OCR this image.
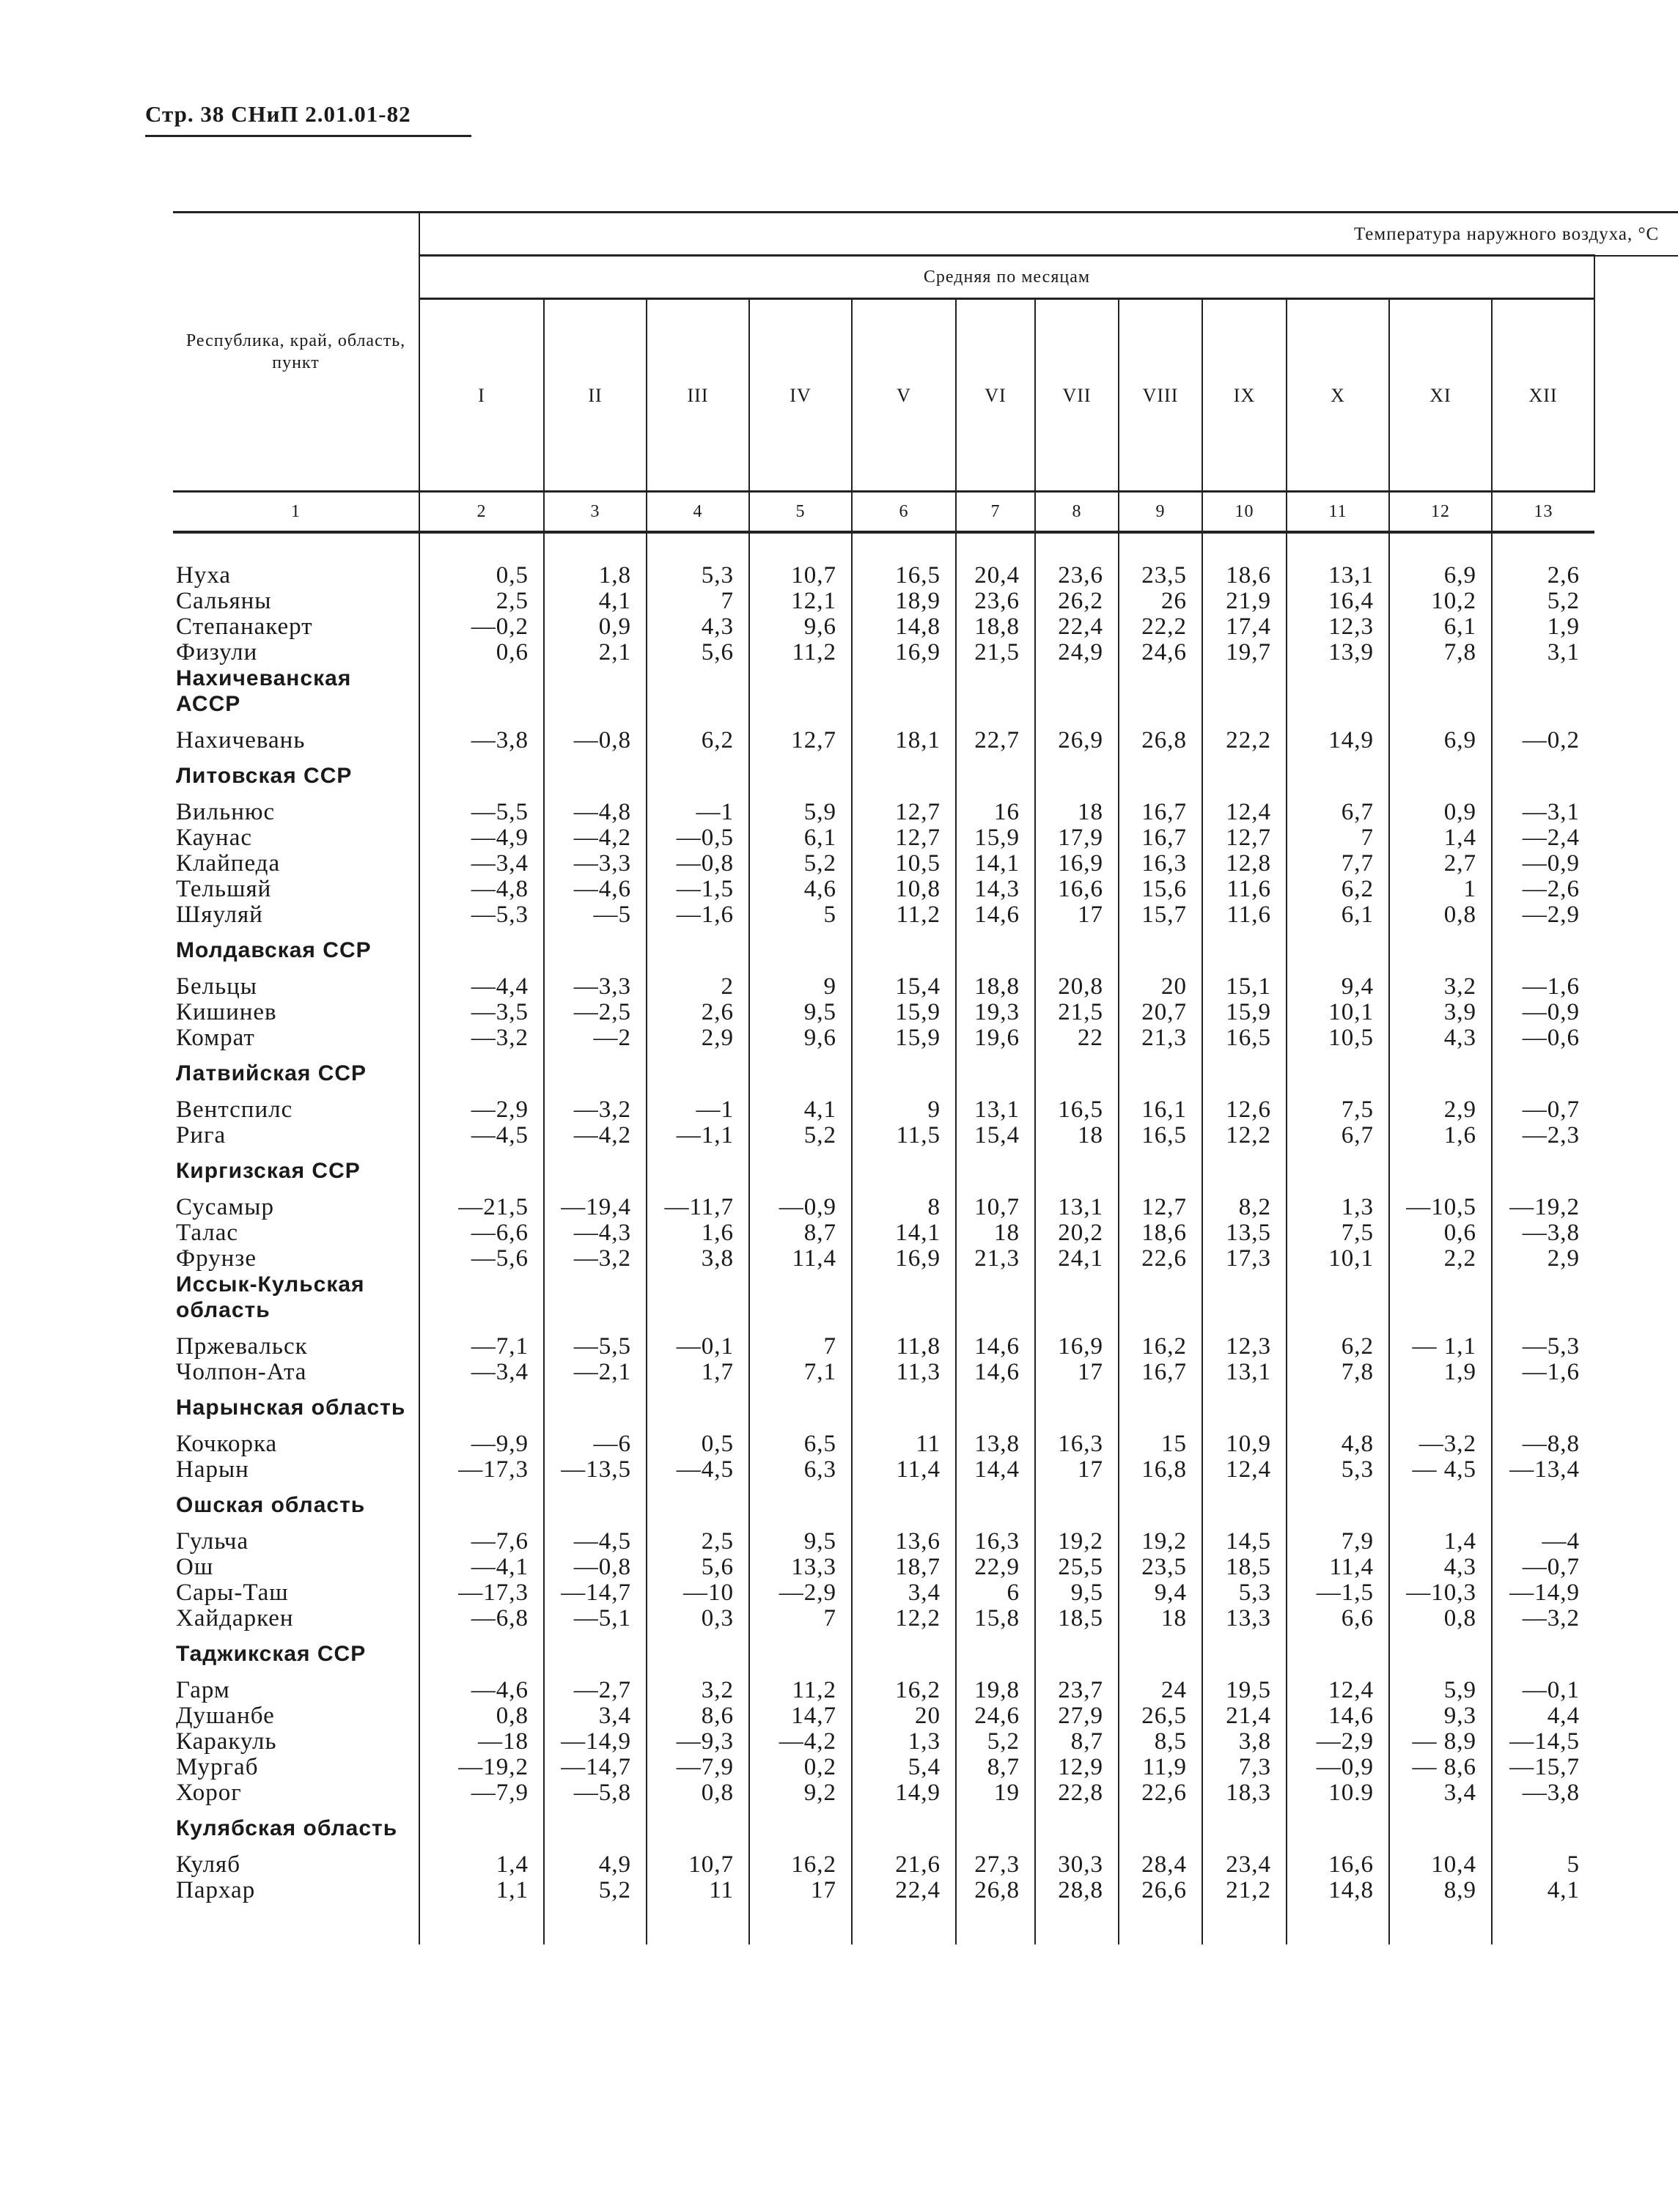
Стр. 38 СНиП 2.01.01-82
Республика, край, область, пункт	Температура наружного воздуха, °С												
	Средняя по месяцам												
	I	II	III	IV	V	VI	VII	VIII	IX	X	XI	XII	
1	2	3	4	5	6	7	8	9	10	11	12	13	

Нуха	0,5	1,8	5,3	10,7	16,5	20,4	23,6	23,5	18,6	13,1	6,9	2,6	
Сальяны	2,5	4,1	7	12,1	18,9	23,6	26,2	26	21,9	16,4	10,2	5,2	
Степанакерт	—0,2	0,9	4,3	9,6	14,8	18,8	22,4	22,2	17,4	12,3	6,1	1,9	
Физули	0,6	2,1	5,6	11,2	16,9	21,5	24,9	24,6	19,7	13,9	7,8	3,1	
Нахичеванская АССР													
Нахичевань	—3,8	—0,8	6,2	12,7	18,1	22,7	26,9	26,8	22,2	14,9	6,9	—0,2	
Литовская ССР													
Вильнюс	—5,5	—4,8	—1	5,9	12,7	16	18	16,7	12,4	6,7	0,9	—3,1	
Каунас	—4,9	—4,2	—0,5	6,1	12,7	15,9	17,9	16,7	12,7	7	1,4	—2,4	
Клайпеда	—3,4	—3,3	—0,8	5,2	10,5	14,1	16,9	16,3	12,8	7,7	2,7	—0,9	
Тельшяй	—4,8	—4,6	—1,5	4,6	10,8	14,3	16,6	15,6	11,6	6,2	1	—2,6	
Шяуляй	—5,3	—5	—1,6	5	11,2	14,6	17	15,7	11,6	6,1	0,8	—2,9	
Молдавская ССР													
Бельцы	—4,4	—3,3	2	9	15,4	18,8	20,8	20	15,1	9,4	3,2	—1,6	
Кишинев	—3,5	—2,5	2,6	9,5	15,9	19,3	21,5	20,7	15,9	10,1	3,9	—0,9	
Комрат	—3,2	—2	2,9	9,6	15,9	19,6	22	21,3	16,5	10,5	4,3	—0,6	
Латвийская ССР													
Вентспилс	—2,9	—3,2	—1	4,1	9	13,1	16,5	16,1	12,6	7,5	2,9	—0,7	
Рига	—4,5	—4,2	—1,1	5,2	11,5	15,4	18	16,5	12,2	6,7	1,6	—2,3	
Киргизская ССР													
Сусамыр	—21,5	—19,4	—11,7	—0,9	8	10,7	13,1	12,7	8,2	1,3	—10,5	—19,2	
Талас	—6,6	—4,3	1,6	8,7	14,1	18	20,2	18,6	13,5	7,5	0,6	—3,8	
Фрунзе	—5,6	—3,2	3,8	11,4	16,9	21,3	24,1	22,6	17,3	10,1	2,2	2,9	
Иссык-Кульская область													
Пржевальск	—7,1	—5,5	—0,1	7	11,8	14,6	16,9	16,2	12,3	6,2	— 1,1	—5,3	
Чолпон-Ата	—3,4	—2,1	1,7	7,1	11,3	14,6	17	16,7	13,1	7,8	1,9	—1,6	
Нарынская область													
Кочкорка	—9,9	—6	0,5	6,5	11	13,8	16,3	15	10,9	4,8	—3,2	—8,8	
Нарын	—17,3	—13,5	—4,5	6,3	11,4	14,4	17	16,8	12,4	5,3	— 4,5	—13,4	
Ошская область													
Гульча	—7,6	—4,5	2,5	9,5	13,6	16,3	19,2	19,2	14,5	7,9	1,4	—4	
Ош	—4,1	—0,8	5,6	13,3	18,7	22,9	25,5	23,5	18,5	11,4	4,3	—0,7	
Сары-Таш	—17,3	—14,7	—10	—2,9	3,4	6	9,5	9,4	5,3	—1,5	—10,3	—14,9	
Хайдаркен	—6,8	—5,1	0,3	7	12,2	15,8	18,5	18	13,3	6,6	0,8	—3,2	
Таджикская ССР													
Гарм	—4,6	—2,7	3,2	11,2	16,2	19,8	23,7	24	19,5	12,4	5,9	—0,1	
Душанбе	0,8	3,4	8,6	14,7	20	24,6	27,9	26,5	21,4	14,6	9,3	4,4	
Каракуль	—18	—14,9	—9,3	—4,2	1,3	5,2	8,7	8,5	3,8	—2,9	— 8,9	—14,5	
Мургаб	—19,2	—14,7	—7,9	0,2	5,4	8,7	12,9	11,9	7,3	—0,9	— 8,6	—15,7	
Хорог	—7,9	—5,8	0,8	9,2	14,9	19	22,8	22,6	18,3	10.9	3,4	—3,8	
Кулябская область													
Куляб	1,4	4,9	10,7	16,2	21,6	27,3	30,3	28,4	23,4	16,6	10,4	5	
Пархар	1,1	5,2	11	17	22,4	26,8	28,8	26,6	21,2	14,8	8,9	4,1	
